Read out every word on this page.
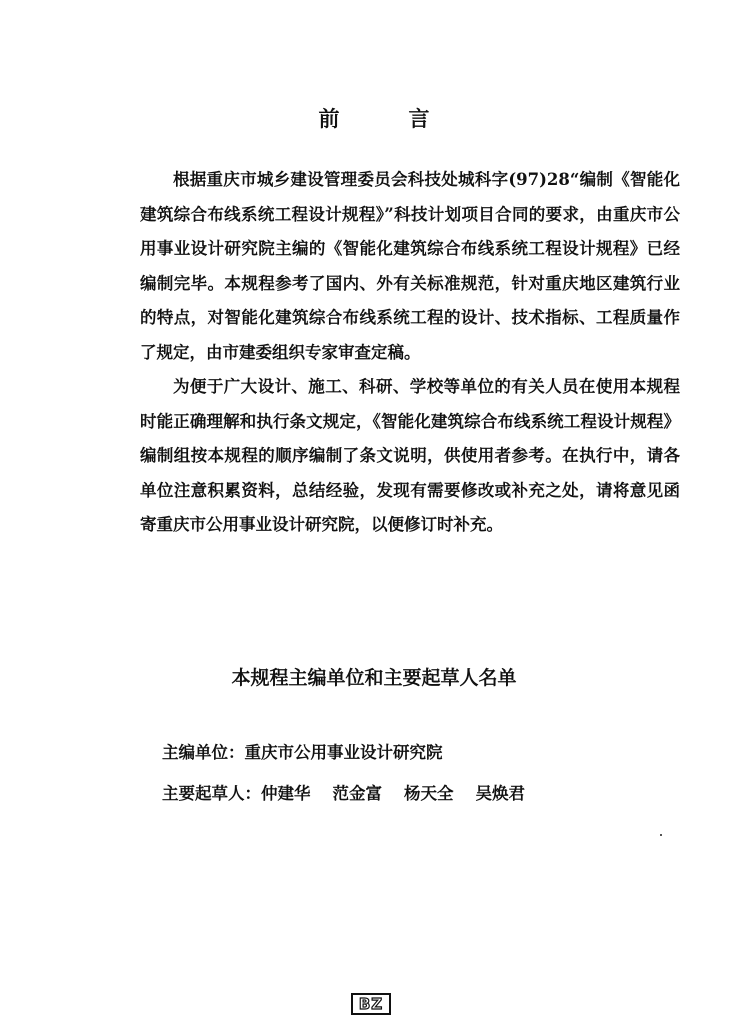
前　言

根据重庆市城乡建设管理委员会科技处城科字(97)28“编制《智能化建筑综合布线系统工程设计规程》”科技计划项目合同的要求，由重庆市公用事业设计研究院主编的《智能化建筑综合布线系统工程设计规程》已经编制完毕。本规程参考了国内、外有关标准规范，针对重庆地区建筑行业的特点，对智能化建筑综合布线系统工程的设计、技术指标、工程质量作了规定，由市建委组织专家审查定稿。

为便于广大设计、施工、科研、学校等单位的有关人员在使用本规程时能正确理解和执行条文规定，《智能化建筑综合布线系统工程设计规程》编制组按本规程的顺序编制了条文说明，供使用者参考。在执行中，请各单位注意积累资料，总结经验，发现有需要修改或补充之处，请将意见函寄重庆市公用事业设计研究院，以便修订时补充。

本规程主编单位和主要起草人名单
主编单位：重庆市公用事业设计研究院
主要起草人：仲建华 范金富 杨天全 吴焕君
BZ
